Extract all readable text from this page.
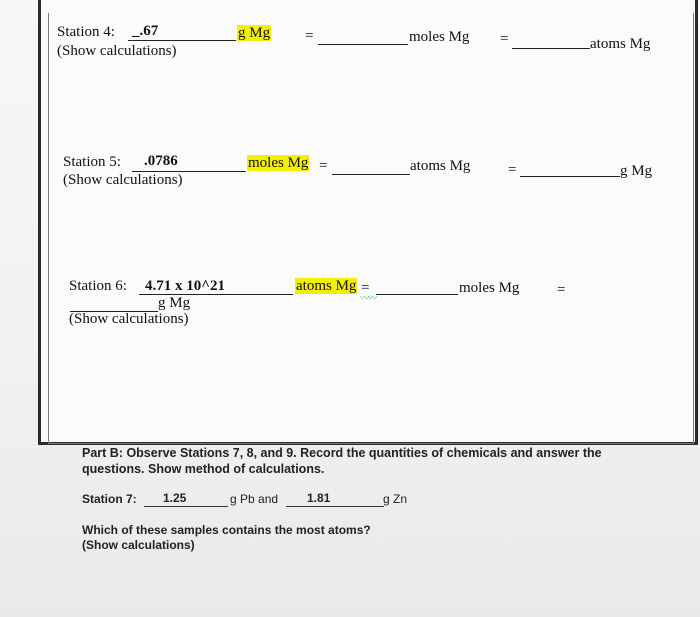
Station 4: _.67
(Show calculations)
g Mg =	moles Mg =	atoms Mg
Station 5: .0786
(Show calculations)
moles Mg =	atoms Mg	=	g Mg
Station 6: 4.71 x 10^21	atoms Mg =
〰〰
moles Mg	=
g Mg
(Show calculations)
Part B: Observe Stations 7, 8, and 9. Record the quantities of chemicals and answer the
questions. Show method of calculations.
Station 7: 1.25	g Pb and 1.81	g Zn
Which of these samples contains the most atoms?
(Show calculations)
